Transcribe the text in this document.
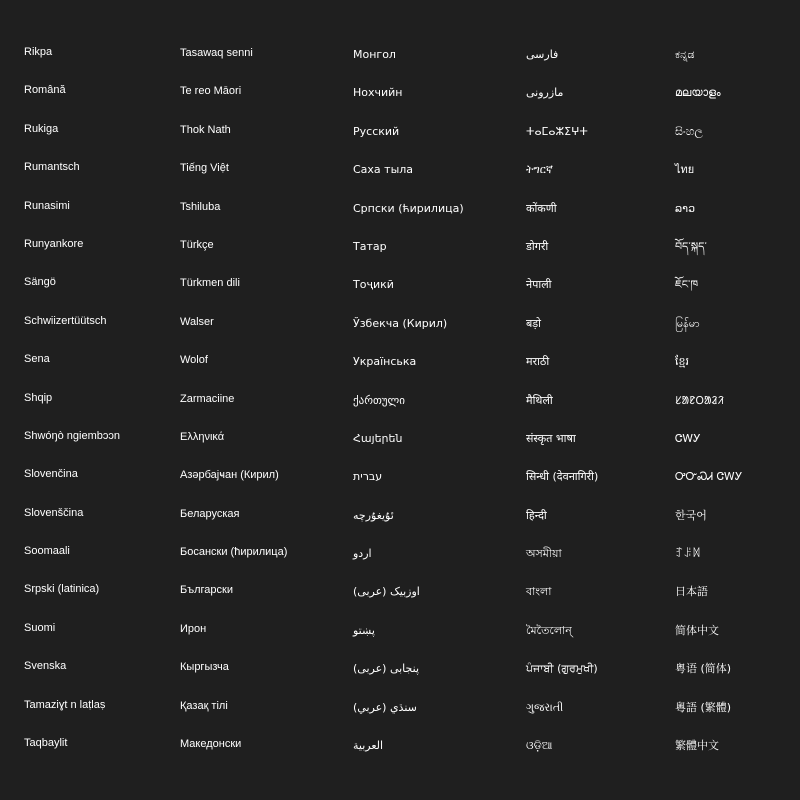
Rikpa
Română
Rukiga
Rumantsch
Runasimi
Runyankore
Sängö
Schwiizertüütsch
Sena
Shqip
Shwóŋò ngiembɔɔn
Slovenčina
Slovenščina
Soomaali
Srpski (latinica)
Suomi
Svenska
Tamaziɣt n laṭlaṣ
Taqbaylit
Tasawaq senni
Te reo Māori
Thok Nath
Tiếng Việt
Tshiluba
Türkçe
Türkmen dili
Walser
Wolof
Zarmaciine
Ελληνικά
Азәрбајҹан (Кирил)
Беларуская
Босански (ћирилица)
Български
Ирон
Кыргызча
Қазақ тілі
Македонски
Монгол
Нохчийн
Русский
Саха тыла
Српски (ћирилица)
Татар
Тоҷикӣ
Ўзбекча (Кирил)
Українська
ქართული
Հայերեն
עברית
ئۇيغۇرچە
اردو
اوزبیک (عربی)
پښتو
پنجابی (عربی)
سنڌي (عربي)
العربية
فارسی
مازرونی
ⵜⴰⵎⴰⵣⵉⵖⵜ
ትግርኛ
कोंकणी
डोगरी
नेपाली
बड़ो
मराठी
मैथिली
संस्कृत भाषा
सिन्धी (देवनागिरी)
हिन्दी
অসমীয়া
বাংলা
মৈতৈলোন্
ਪੰਜਾਬੀ (ਗੁਰਮੁਖੀ)
ગુજરાતી
ଓଡ଼ିଆ
ಕನ್ನಡ
മലയാളം
සිංහල
ไทย
ລາວ
བོད་སྐད་
ཇོང་ཁ
မြန်မာ
ខ្មែរ
ᱥᱟᱱᱛᱟᱲᱤ
ᏣᎳᎩ
ᎤᏅᏍᏗ ᏣᎳᎩ
한국어
ꆈꌠꉙ
日本語
简体中文
粤语 (简体)
粵語 (繁體)
繁體中文
